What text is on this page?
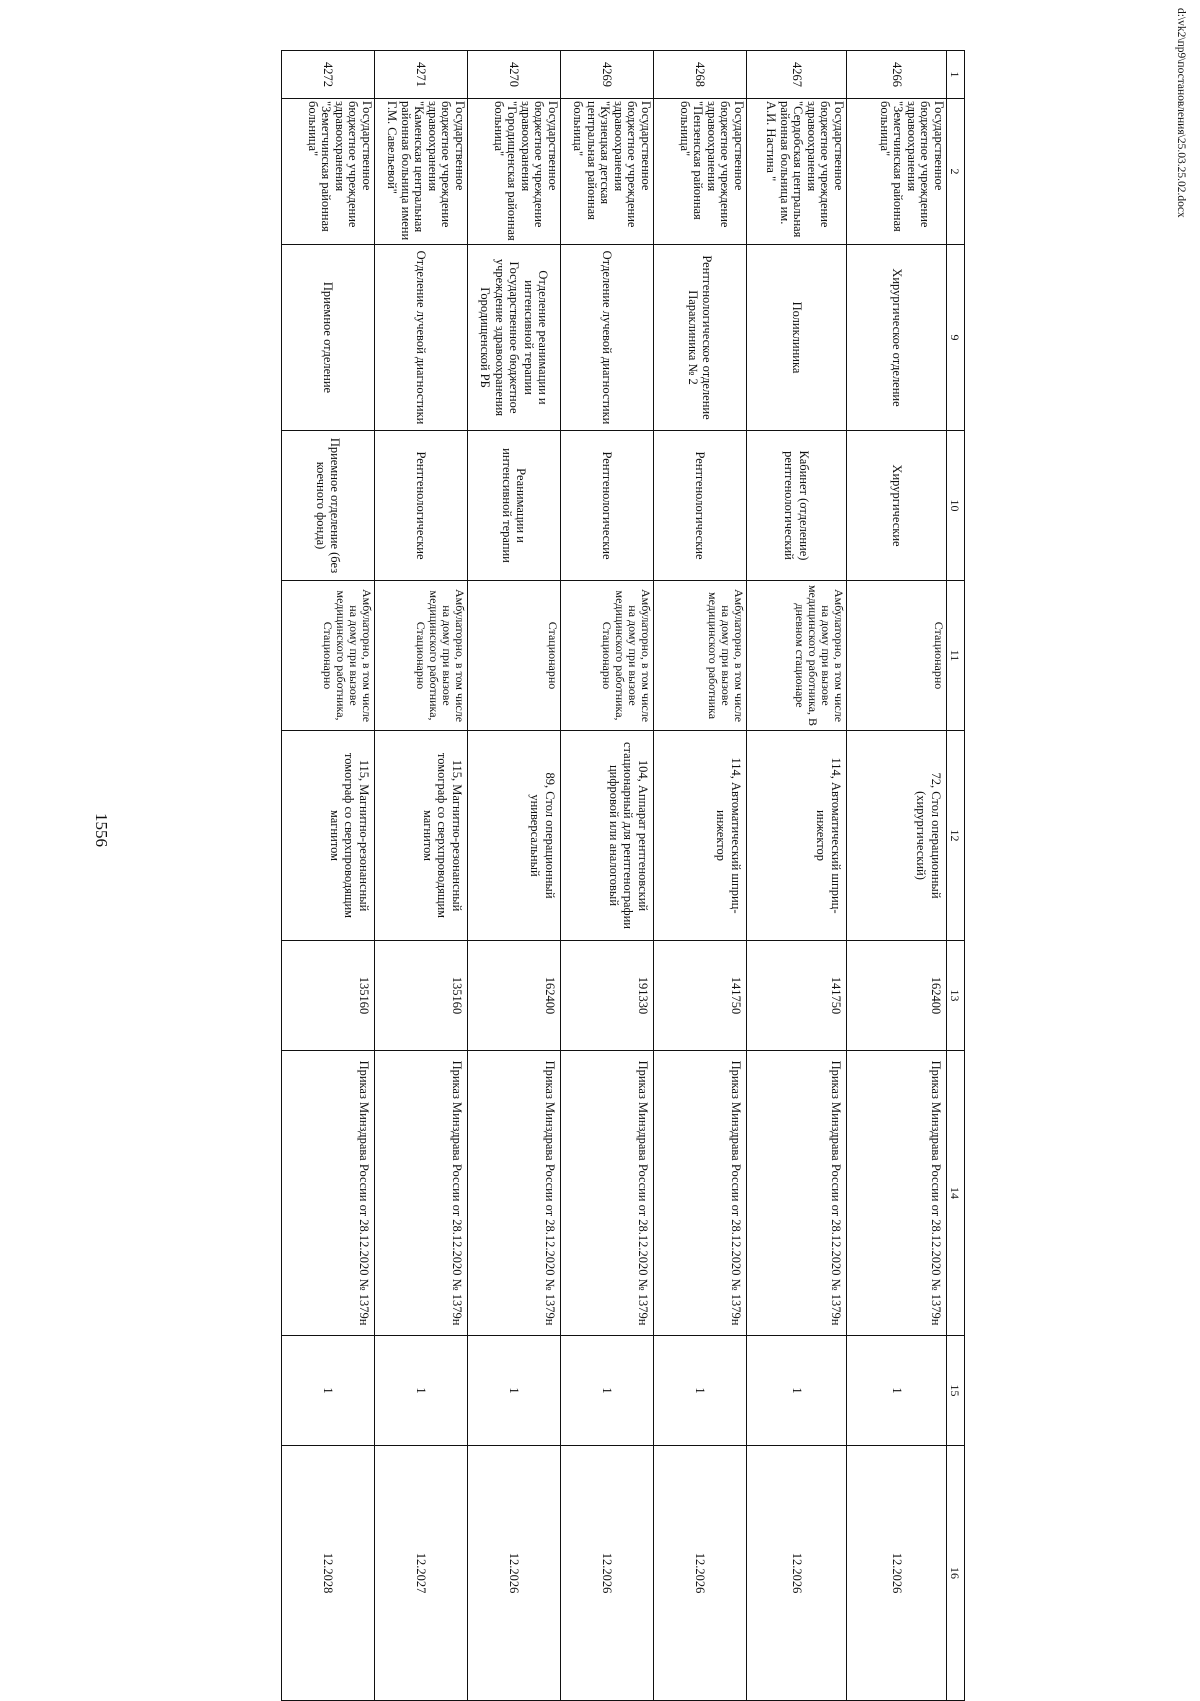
1556
d:\vk2\пр9\постановления\25.03.25.02.docx
1	2	9	10	11	12	13	14	15	16
4266	Государственное бюджетное учреждение здравоохранения "Земетчинская районная больница"	Хирургическое отделение	Хирургические	Стационарно	72, Стол операционный (хирургический)	162400	Приказ Минздрава России от 28.12.2020 № 1379н	1	12.2026
4267	Государственное бюджетное учреждение здравоохранения "Сердобская центральная районная больница им. А.И. Настина "	Поликлиника	Кабинет (отделение) рентгенологический	Амбулаторно, в том числе на дому при вызове медицинского работника, В дневном стационаре	114, Автоматический шприц-инжектор	141750	Приказ Минздрава России от 28.12.2020 № 1379н	1	12.2026
4268	Государственное бюджетное учреждение здравоохранения "Пензенская районная больница"	Рентгенологическое отделение Параклиника № 2	Рентгенологические	Амбулаторно, в том числе на дому при вызове медицинского работника	114, Автоматический шприц-инжектор	141750	Приказ Минздрава России от 28.12.2020 № 1379н	1	12.2026
4269	Государственное бюджетное учреждение здравоохранения "Кузнецкая детская центральная районная больница"	Отделение лучевой диагностики	Рентгенологические	Амбулаторно, в том числе на дому при вызове медицинского работника, Стационарно	104, Аппарат рентгеновский стационарный для рентгенографии цифровой или аналоговый	191330	Приказ Минздрава России от 28.12.2020 № 1379н	1	12.2026
4270	Государственное бюджетное учреждение здравоохранения "Городищенская районная больница"	Отделение реанимации и интенсивной терапии Государственное бюджетное учреждение здравоохранения Городищенской РБ	Реанимации и интенсивной терапии	Стационарно	89, Стол операционный универсальный	162400	Приказ Минздрава России от 28.12.2020 № 1379н	1	12.2026
4271	Государственное бюджетное учреждение здравоохранения "Каменская центральная районная больница имени Г.М. Савельевой"	Отделение лучевой диагностики	Рентгенологические	Амбулаторно, в том числе на дому при вызове медицинского работника, Стационарно	115, Магнитно-резонансный томограф со сверхпроводящим магнитом	135160	Приказ Минздрава России от 28.12.2020 № 1379н	1	12.2027
4272	Государственное бюджетное учреждение здравоохранения "Земетчинская районная больница"	Приемное отделение	Приемное отделение (без коечного фонда)	Амбулаторно, в том числе на дому при вызове медицинского работника, Стационарно	115, Магнитно-резонансный томограф со сверхпроводящим магнитом	135160	Приказ Минздрава России от 28.12.2020 № 1379н	1	12.2028
